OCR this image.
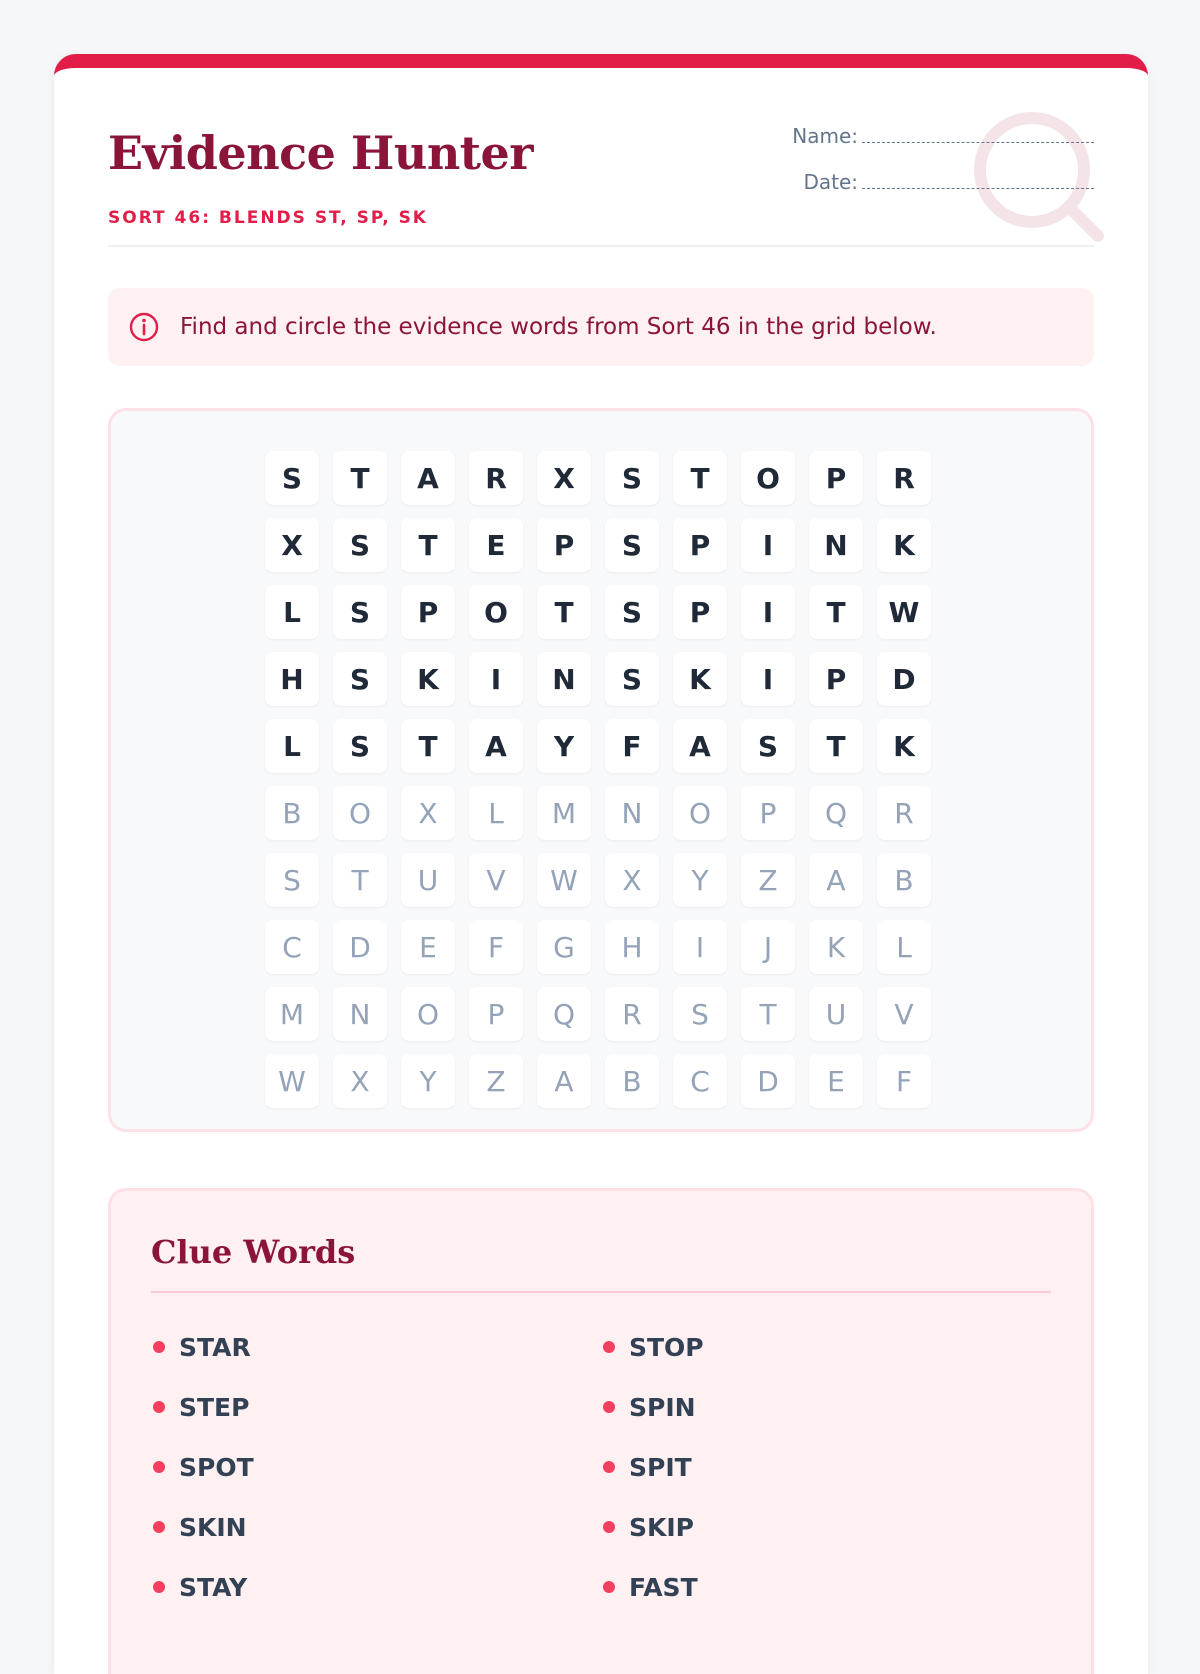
Evidence Hunter
SORT 46: BLENDS ST, SP, SK
Name:
Date:
Find and circle the evidence words from Sort 46 in the grid below.
S	T	A	R	X	S	T	O	P	R
X	S	T	E	P	S	P	I	N	K
L	S	P	O	T	S	P	I	T	W
H	S	K	I	N	S	K	I	P	D
L	S	T	A	Y	F	A	S	T	K
B	O	X	L	M	N	O	P	Q	R
S	T	U	V	W	X	Y	Z	A	B
C	D	E	F	G	H	I	J	K	L
M	N	O	P	Q	R	S	T	U	V
W	X	Y	Z	A	B	C	D	E	F
Clue Words
STAR	STOP
STEP	SPIN
SPOT	SPIT
SKIN	SKIP
STAY	FAST
